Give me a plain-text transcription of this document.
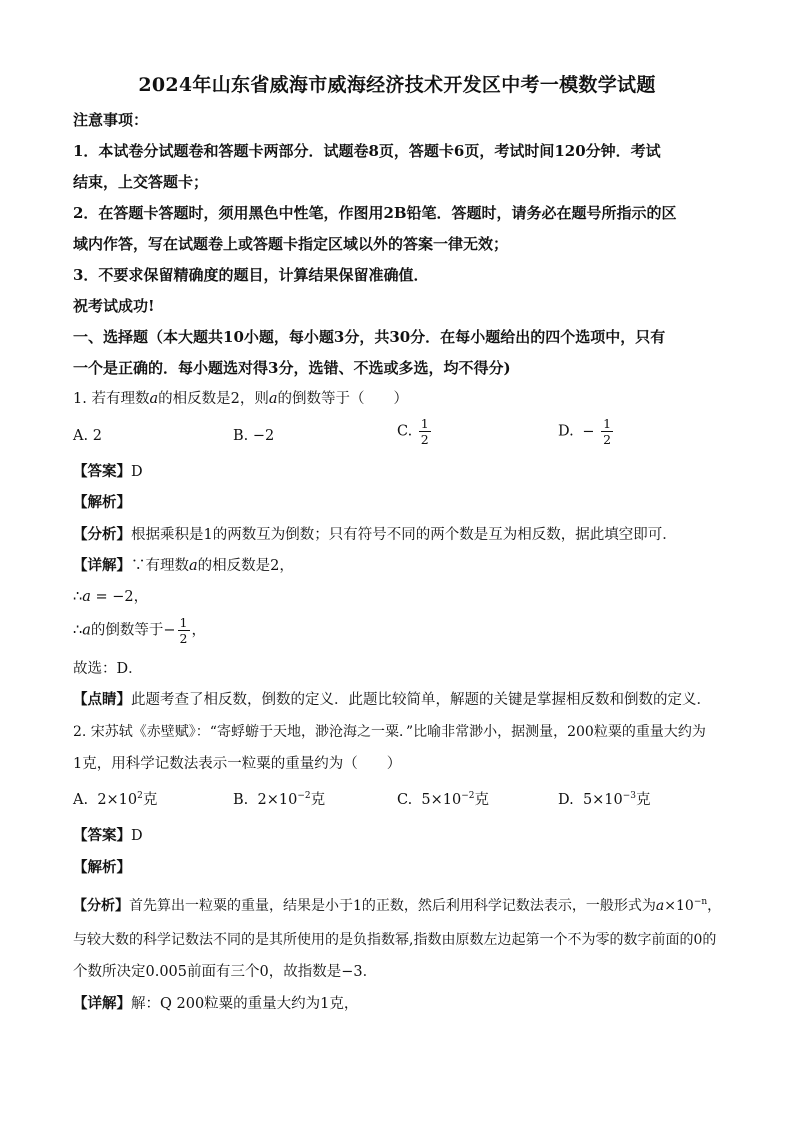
2024年山东省威海市威海经济技术开发区中考一模数学试题
注意事项：
1．本试卷分试题卷和答题卡两部分．试题卷8页，答题卡6页，考试时间120分钟．考试
结束，上交答题卡；
2．在答题卡答题时，须用黑色中性笔，作图用2B铅笔．答题时，请务必在题号所指示的区
域内作答，写在试题卷上或答题卡指定区域以外的答案一律无效；
3．不要求保留精确度的题目，计算结果保留准确值．
祝考试成功!
一、选择题（本大题共10小题，每小题3分，共30分．在每小题给出的四个选项中，只有
一个是正确的．每小题选对得3分，选错、不选或多选，均不得分)
1. 若有理数a的相反数是2，则a的倒数等于（　　）
A. 2	B. −2	C. $\frac{1}{2}$	D. − $\frac{1}{2}$
【答案】D
【解析】
【分析】根据乘积是1的两数互为倒数；只有符号不同的两个数是互为相反数，据此填空即可．
【详解】∵有理数a的相反数是2，
∴a = −2，
∴a的倒数等于− $\frac{1}{2}$ ，
故选：D．
【点睛】此题考查了相反数，倒数的定义．此题比较简单，解题的关键是掌握相反数和倒数的定义．
2. 宋苏轼《赤壁赋》：“寄蜉蝣于天地，渺沧海之一粟．”比喻非常渺小，据测量，200粒粟的重量大约为
1克，用科学记数法表示一粒粟的重量约为（　　）
A. $2\times 10^2$克	B. $2\times 10^{-2}$克	C. $5\times 10^{-2}$克	D. $5\times 10^{-3}$克
【答案】D
【解析】
【分析】首先算出一粒粟的重量，结果是小于1的正数，然后利用科学记数法表示，一般形式为$a\times 10^{-n}$，
与较大数的科学记数法不同的是其所使用的是负指数幂,指数由原数左边起第一个不为零的数字前面的0的
个数所决定0.005前面有三个0，故指数是−3．
【详解】解：Q 200粒粟的重量大约为1克，
